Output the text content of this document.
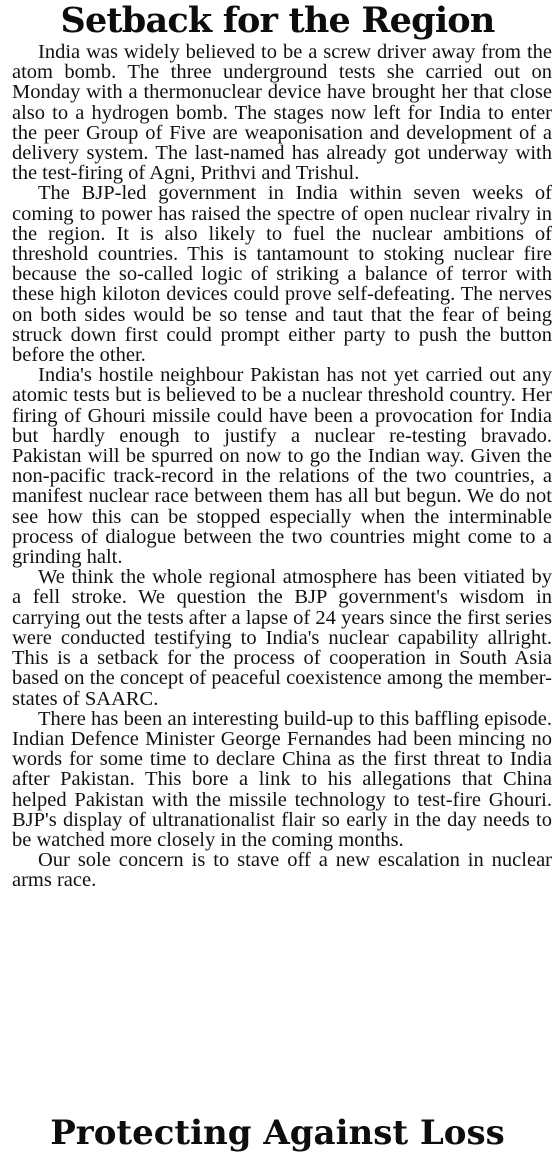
Setback for the Region

India was widely believed to be a screw driver away from the atom bomb. The three underground tests she carried out on Monday with a thermonuclear device have brought her that close also to a hydrogen bomb. The stages now left for India to enter the peer Group of Five are weaponisation and development of a delivery system. The last-named has already got underway with the test-firing of Agni, Prithvi and Trishul.

The BJP-led government in India within seven weeks of coming to power has raised the spectre of open nuclear rivalry in the region. It is also likely to fuel the nuclear ambitions of threshold countries. This is tantamount to stoking nuclear fire because the so-called logic of striking a balance of terror with these high kiloton devices could prove self-defeating. The nerves on both sides would be so tense and taut that the fear of being struck down first could prompt either party to push the button before the other.

India's hostile neighbour Pakistan has not yet carried out any atomic tests but is believed to be a nuclear threshold country. Her firing of Ghouri missile could have been a provocation for India but hardly enough to justify a nuclear re-testing bravado. Pakistan will be spurred on now to go the Indian way. Given the non-pacific track-record in the relations of the two countries, a manifest nuclear race between them has all but begun. We do not see how this can be stopped especially when the interminable process of dialogue between the two countries might come to a grinding halt.

We think the whole regional atmosphere has been vitiated by a fell stroke. We question the BJP government's wisdom in carrying out the tests after a lapse of 24 years since the first series were conducted testifying to India's nuclear capability allright. This is a setback for the process of cooperation in South Asia based on the concept of peaceful coexistence among the member-states of SAARC.

There has been an interesting build-up to this baffling episode. Indian Defence Minister George Fernandes had been mincing no words for some time to declare China as the first threat to India after Pakistan. This bore a link to his allegations that China helped Pakistan with the missile technology to test-fire Ghouri. BJP's display of ultranationalist flair so early in the day needs to be watched more closely in the coming months.

Our sole concern is to stave off a new escalation in nuclear arms race.

Protecting Against Loss
